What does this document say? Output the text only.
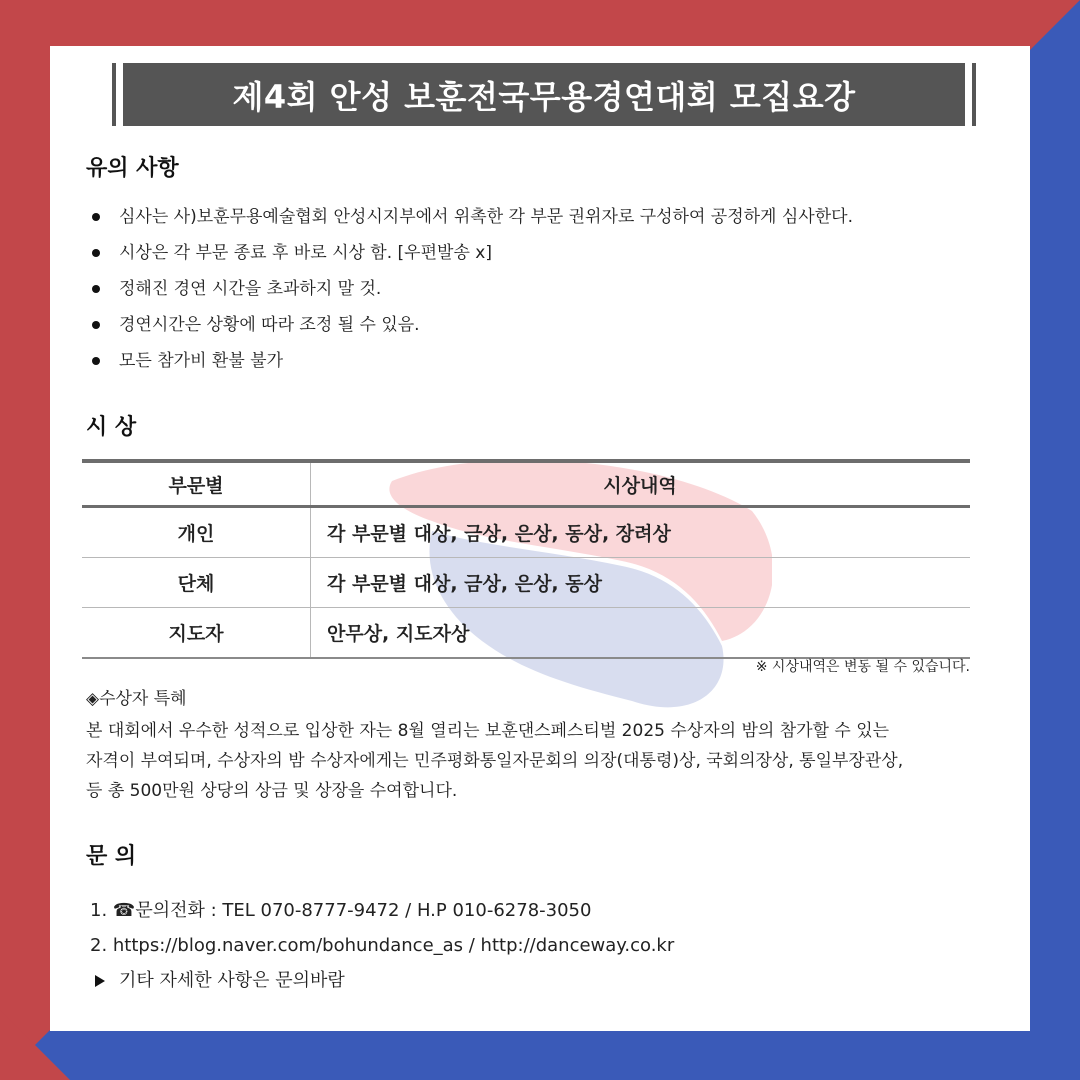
제4회 안성 보훈전국무용경연대회 모집요강
유의 사항
심사는 사)보훈무용예술협회 안성시지부에서 위촉한 각 부문 권위자로 구성하여 공정하게 심사한다.
시상은 각 부문 종료 후 바로 시상 함. [우편발송 x]
정해진 경연 시간을 초과하지 말 것.
경연시간은 상황에 따라 조정 될 수 있음.
모든 참가비 환불 불가
시 상
부문별	시상내역
개인	각 부문별 대상, 금상, 은상, 동상, 장려상
단체	각 부문별 대상, 금상, 은상, 동상
지도자	안무상, 지도자상
※ 시상내역은 변동 될 수 있습니다.
◈수상자 특혜
본 대회에서 우수한 성적으로 입상한 자는 8월 열리는 보훈댄스페스티벌 2025 수상자의 밤의 참가할 수 있는
자격이 부여되며, 수상자의 밤 수상자에게는 민주평화통일자문회의 의장(대통령)상, 국회의장상, 통일부장관상,
등 총 500만원 상당의 상금 및 상장을 수여합니다.
문 의
1. ☎문의전화 : TEL 070-8777-9472 / H.P 010-6278-3050
2. https://blog.naver.com/bohundance_as / http://danceway.co.kr
기타 자세한 사항은 문의바람
